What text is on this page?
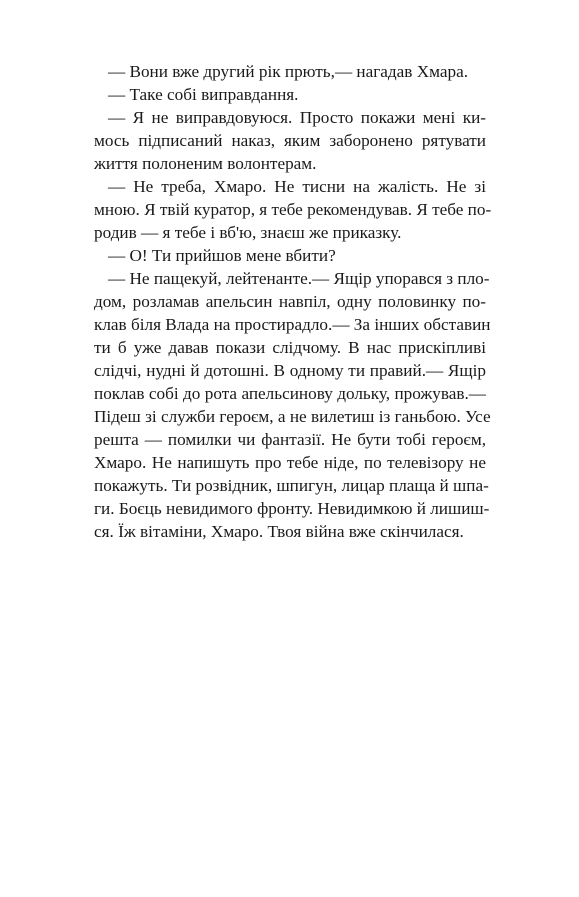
— Вони вже другий рік прють,— нагадав Хмара.
— Таке собі виправдання.
— Я не виправдовуюся. Просто покажи мені ки-
мось підписаний наказ, яким заборонено рятувати
життя полоненим волонтерам.
— Не треба, Хмаро. Не тисни на жалість. Не зі
мною. Я твій куратор, я тебе рекомендував. Я тебе по-
родив — я тебе і вб'ю, знаєш же приказку.
— О! Ти прийшов мене вбити?
— Не пащекуй, лейтенанте.— Ящір упорався з пло-
дом, розламав апельсин навпіл, одну половинку по-
клав біля Влада на простирадло.— За інших обставин
ти б уже давав покази слідчому. В нас прискіпливі
слідчі, нудні й дотошні. В одному ти правий.— Ящір
поклав собі до рота апельсинову дольку, прожував.—
Підеш зі служби героєм, а не вилетиш із ганьбою. Усе
решта — помилки чи фантазії. Не бути тобі героєм,
Хмаро. Не напишуть про тебе ніде, по телевізору не
покажуть. Ти розвідник, шпигун, лицар плаща й шпа-
ги. Боєць невидимого фронту. Невидимкою й лишиш-
ся. Їж вітаміни, Хмаро. Твоя війна вже скінчилася.
